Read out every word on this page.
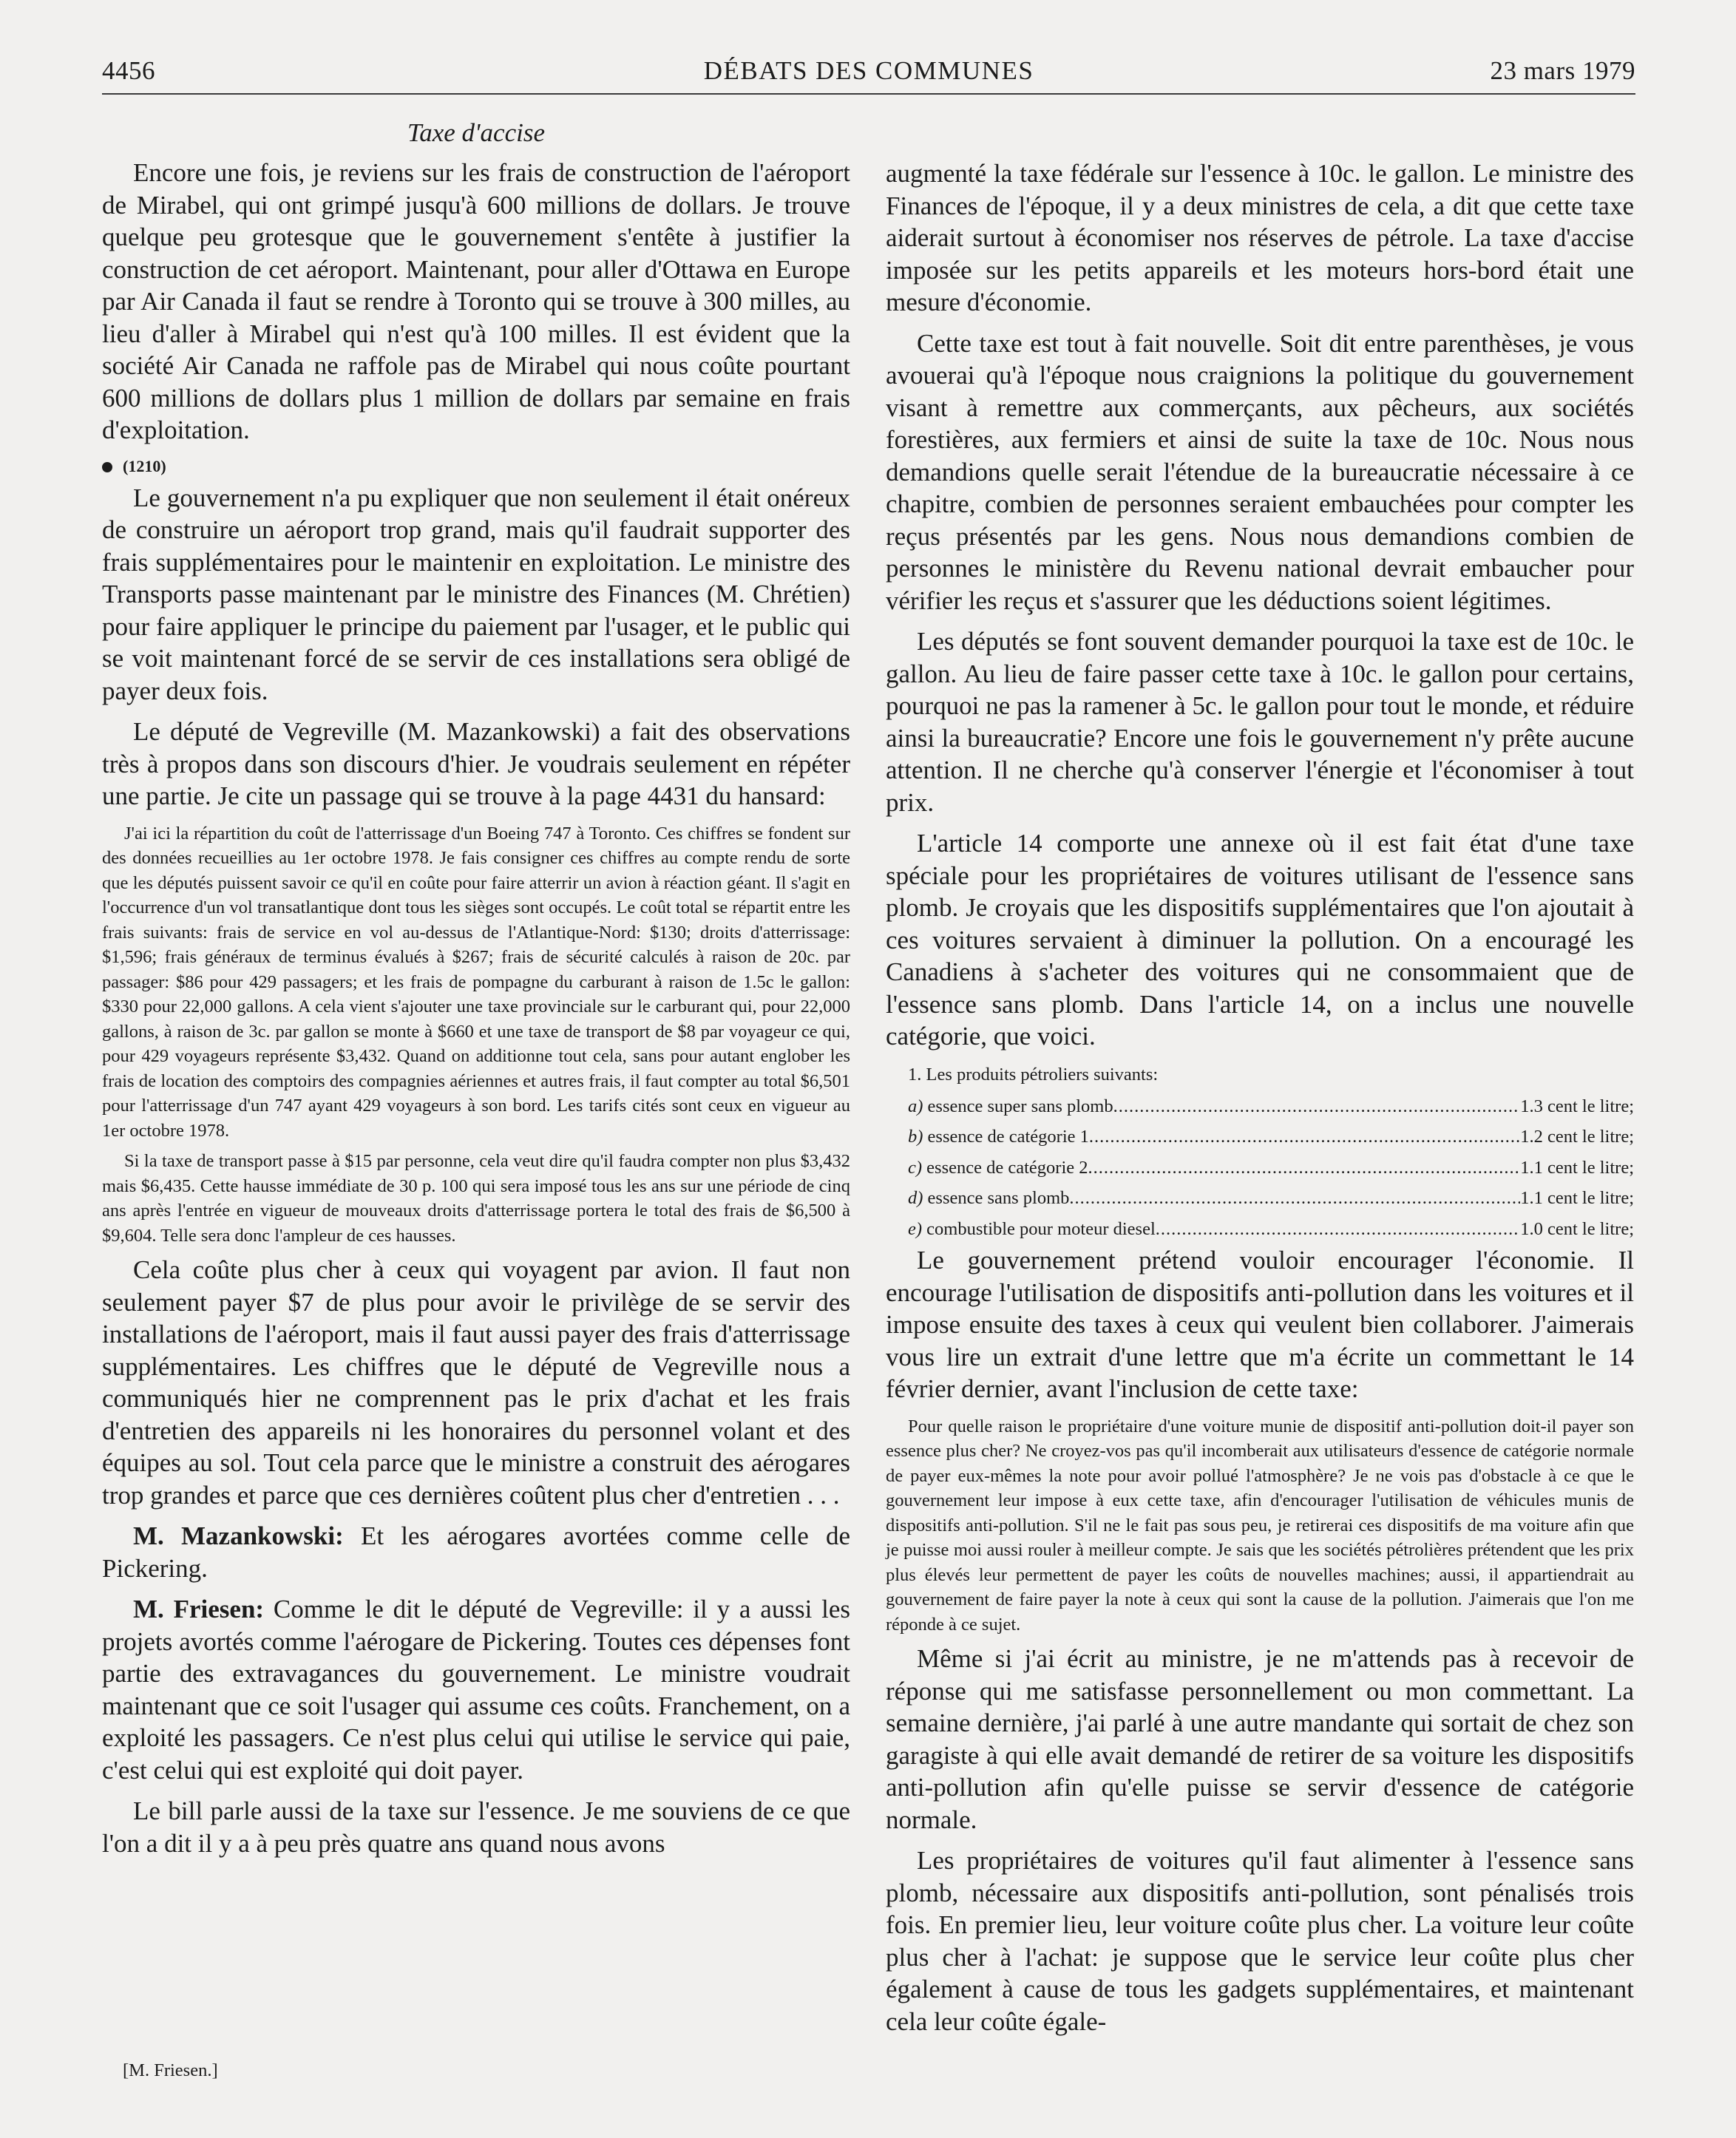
4456	DÉBATS DES COMMUNES	23 mars 1979
Taxe d'accise

Encore une fois, je reviens sur les frais de construction de l'aéroport de Mirabel, qui ont grimpé jusqu'à 600 millions de dollars. Je trouve quelque peu grotesque que le gouvernement s'entête à justifier la construction de cet aéroport. Maintenant, pour aller d'Ottawa en Europe par Air Canada il faut se rendre à Toronto qui se trouve à 300 milles, au lieu d'aller à Mirabel qui n'est qu'à 100 milles. Il est évident que la société Air Canada ne raffole pas de Mirabel qui nous coûte pourtant 600 millions de dollars plus 1 million de dollars par semaine en frais d'exploitation.

(1210)

Le gouvernement n'a pu expliquer que non seulement il était onéreux de construire un aéroport trop grand, mais qu'il faudrait supporter des frais supplémentaires pour le maintenir en exploitation. Le ministre des Transports passe maintenant par le ministre des Finances (M. Chrétien) pour faire appliquer le principe du paiement par l'usager, et le public qui se voit maintenant forcé de se servir de ces installations sera obligé de payer deux fois.

Le député de Vegreville (M. Mazankowski) a fait des observations très à propos dans son discours d'hier. Je voudrais seulement en répéter une partie. Je cite un passage qui se trouve à la page 4431 du hansard:

J'ai ici la répartition du coût de l'atterrissage d'un Boeing 747 à Toronto. Ces chiffres se fondent sur des données recueillies au 1er octobre 1978. Je fais consigner ces chiffres au compte rendu de sorte que les députés puissent savoir ce qu'il en coûte pour faire atterrir un avion à réaction géant. Il s'agit en l'occurrence d'un vol transatlantique dont tous les sièges sont occupés. Le coût total se répartit entre les frais suivants: frais de service en vol au-dessus de l'Atlantique-Nord: $130; droits d'atterrissage: $1,596; frais généraux de terminus évalués à $267; frais de sécurité calculés à raison de 20c. par passager: $86 pour 429 passagers; et les frais de pompagne du carburant à raison de 1.5c le gallon: $330 pour 22,000 gallons. A cela vient s'ajouter une taxe provinciale sur le carburant qui, pour 22,000 gallons, à raison de 3c. par gallon se monte à $660 et une taxe de transport de $8 par voyageur ce qui, pour 429 voyageurs représente $3,432. Quand on additionne tout cela, sans pour autant englober les frais de location des comptoirs des compagnies aériennes et autres frais, il faut compter au total $6,501 pour l'atterrissage d'un 747 ayant 429 voyageurs à son bord. Les tarifs cités sont ceux en vigueur au 1er octobre 1978.

Si la taxe de transport passe à $15 par personne, cela veut dire qu'il faudra compter non plus $3,432 mais $6,435. Cette hausse immédiate de 30 p. 100 qui sera imposé tous les ans sur une période de cinq ans après l'entrée en vigueur de mouveaux droits d'atterrissage portera le total des frais de $6,500 à $9,604. Telle sera donc l'ampleur de ces hausses.

Cela coûte plus cher à ceux qui voyagent par avion. Il faut non seulement payer $7 de plus pour avoir le privilège de se servir des installations de l'aéroport, mais il faut aussi payer des frais d'atterrissage supplémentaires. Les chiffres que le député de Vegreville nous a communiqués hier ne comprennent pas le prix d'achat et les frais d'entretien des appareils ni les honoraires du personnel volant et des équipes au sol. Tout cela parce que le ministre a construit des aérogares trop grandes et parce que ces dernières coûtent plus cher d'entretien . . .

M. Mazankowski: Et les aérogares avortées comme celle de Pickering.

M. Friesen: Comme le dit le député de Vegreville: il y a aussi les projets avortés comme l'aérogare de Pickering. Toutes ces dépenses font partie des extravagances du gouvernement. Le ministre voudrait maintenant que ce soit l'usager qui assume ces coûts. Franchement, on a exploité les passagers. Ce n'est plus celui qui utilise le service qui paie, c'est celui qui est exploité qui doit payer.

Le bill parle aussi de la taxe sur l'essence. Je me souviens de ce que l'on a dit il y a à peu près quatre ans quand nous avons

[M. Friesen.]

augmenté la taxe fédérale sur l'essence à 10c. le gallon. Le ministre des Finances de l'époque, il y a deux ministres de cela, a dit que cette taxe aiderait surtout à économiser nos réserves de pétrole. La taxe d'accise imposée sur les petits appareils et les moteurs hors-bord était une mesure d'économie.

Cette taxe est tout à fait nouvelle. Soit dit entre parenthèses, je vous avouerai qu'à l'époque nous craignions la politique du gouvernement visant à remettre aux commerçants, aux pêcheurs, aux sociétés forestières, aux fermiers et ainsi de suite la taxe de 10c. Nous nous demandions quelle serait l'étendue de la bureaucratie nécessaire à ce chapitre, combien de personnes seraient embauchées pour compter les reçus présentés par les gens. Nous nous demandions combien de personnes le ministère du Revenu national devrait embaucher pour vérifier les reçus et s'assurer que les déductions soient légitimes.

Les députés se font souvent demander pourquoi la taxe est de 10c. le gallon. Au lieu de faire passer cette taxe à 10c. le gallon pour certains, pourquoi ne pas la ramener à 5c. le gallon pour tout le monde, et réduire ainsi la bureaucratie? Encore une fois le gouvernement n'y prête aucune attention. Il ne cherche qu'à conserver l'énergie et l'économiser à tout prix.

L'article 14 comporte une annexe où il est fait état d'une taxe spéciale pour les propriétaires de voitures utilisant de l'essence sans plomb. Je croyais que les dispositifs supplémentaires que l'on ajoutait à ces voitures servaient à diminuer la pollution. On a encouragé les Canadiens à s'acheter des voitures qui ne consommaient que de l'essence sans plomb. Dans l'article 14, on a inclus une nouvelle catégorie, que voici.

1. Les produits pétroliers suivants:
a) essence super sans plomb .....	1.3 cent le litre;
b) essence de catégorie 1 .....	1.2 cent le litre;
c) essence de catégorie 2 .....	1.1 cent le litre;
d) essence sans plomb .....	1.1 cent le litre;
e) combustible pour moteur diesel .....	1.0 cent le litre;

Le gouvernement prétend vouloir encourager l'économie. Il encourage l'utilisation de dispositifs anti-pollution dans les voitures et il impose ensuite des taxes à ceux qui veulent bien collaborer. J'aimerais vous lire un extrait d'une lettre que m'a écrite un commettant le 14 février dernier, avant l'inclusion de cette taxe:

Pour quelle raison le propriétaire d'une voiture munie de dispositif anti-pollution doit-il payer son essence plus cher? Ne croyez-vos pas qu'il incomberait aux utilisateurs d'essence de catégorie normale de payer eux-mêmes la note pour avoir pollué l'atmosphère? Je ne vois pas d'obstacle à ce que le gouvernement leur impose à eux cette taxe, afin d'encourager l'utilisation de véhicules munis de dispositifs anti-pollution. S'il ne le fait pas sous peu, je retirerai ces dispositifs de ma voiture afin que je puisse moi aussi rouler à meilleur compte. Je sais que les sociétés pétrolières prétendent que les prix plus élevés leur permettent de payer les coûts de nouvelles machines; aussi, il appartiendrait au gouvernement de faire payer la note à ceux qui sont la cause de la pollution. J'aimerais que l'on me réponde à ce sujet.

Même si j'ai écrit au ministre, je ne m'attends pas à recevoir de réponse qui me satisfasse personnellement ou mon commettant. La semaine dernière, j'ai parlé à une autre mandante qui sortait de chez son garagiste à qui elle avait demandé de retirer de sa voiture les dispositifs anti-pollution afin qu'elle puisse se servir d'essence de catégorie normale.

Les propriétaires de voitures qu'il faut alimenter à l'essence sans plomb, nécessaire aux dispositifs anti-pollution, sont pénalisés trois fois. En premier lieu, leur voiture coûte plus cher. La voiture leur coûte plus cher à l'achat: je suppose que le service leur coûte plus cher également à cause de tous les gadgets supplémentaires, et maintenant cela leur coûte égale-
